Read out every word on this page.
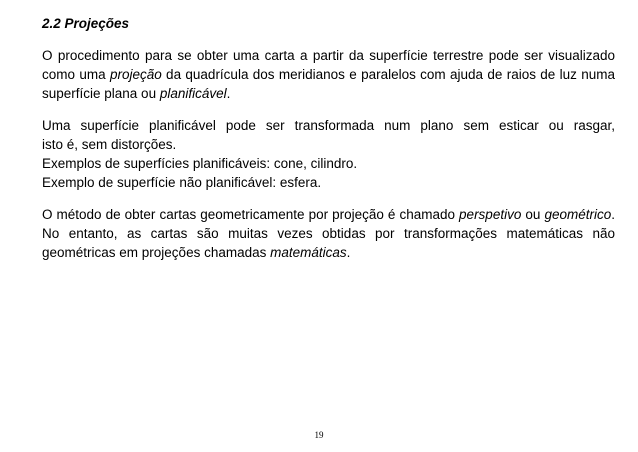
2.2 Projeções

O procedimento para se obter uma carta a partir da superfície terrestre pode ser visualizado como uma projeção da quadrícula dos meridianos e paralelos com ajuda de raios de luz numa superfície plana ou planificável.

Uma superfície planificável pode ser transformada num plano sem esticar ou rasgar,

isto é, sem distorções.

Exemplos de superfícies planificáveis: cone, cilindro.

Exemplo de superfície não planificável: esfera.

O método de obter cartas geometricamente por projeção é chamado perspetivo ou geométrico. No entanto, as cartas são muitas vezes obtidas por transformações matemáticas não geométricas em projeções chamadas matemáticas.

19
